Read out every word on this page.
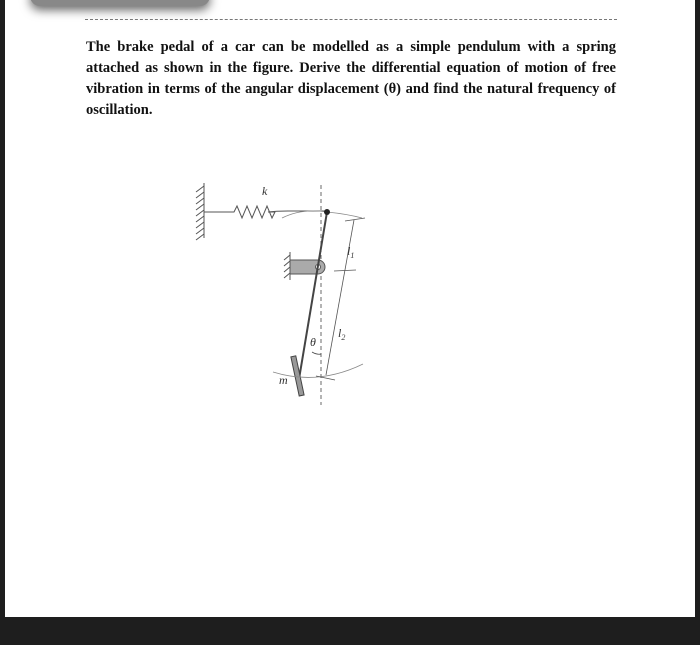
The brake pedal of a car can be modelled as a simple pendulum with a spring attached as shown in the figure. Derive the differential equation of motion of free vibration in terms of the angular displacement (θ) and find the natural frequency of oscillation.
k
$l_1$
$l_2$
θ
m
